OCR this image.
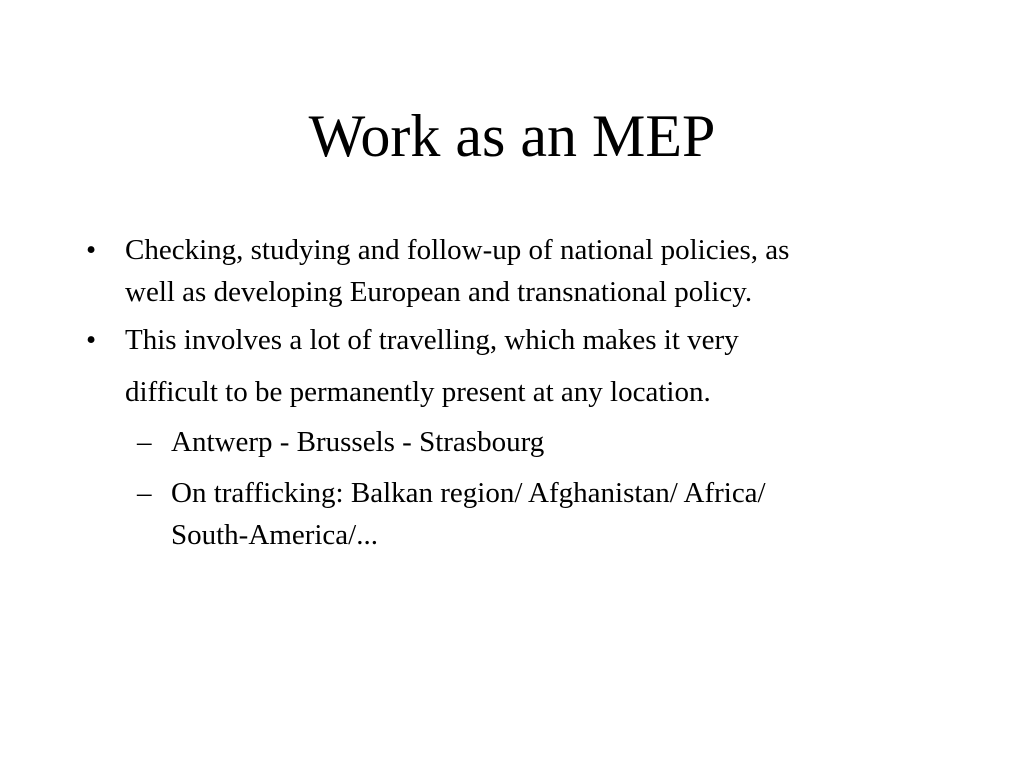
Work as an MEP
• Checking, studying and follow-up of national policies, as
well as developing European and transnational policy.
• This involves a lot of travelling, which makes it very
difficult to be permanently present at any location.
– Antwerp - Brussels - Strasbourg
– On trafficking: Balkan region/ Afghanistan/ Africa/
South-America/...
